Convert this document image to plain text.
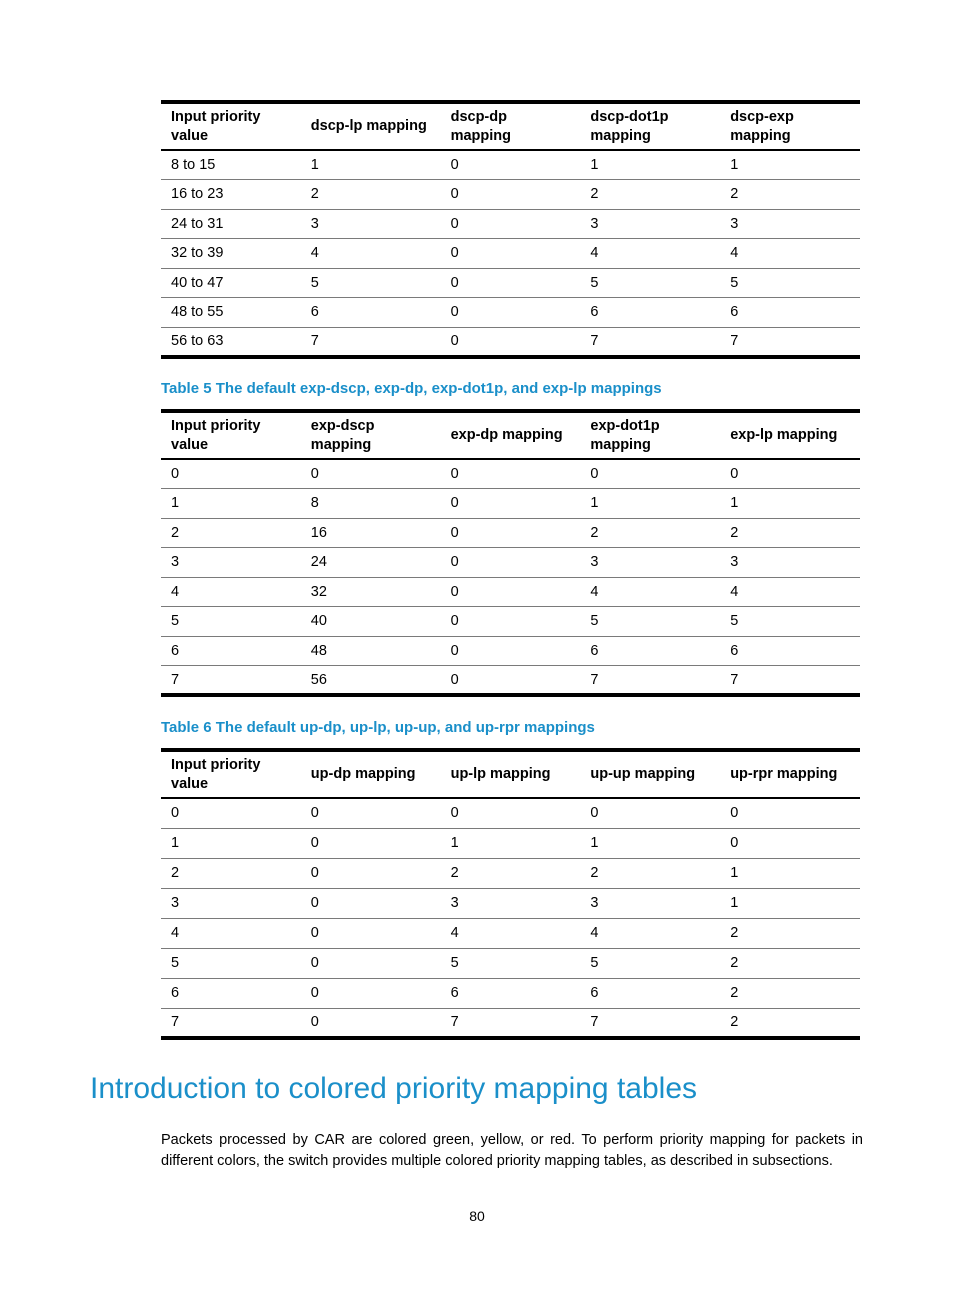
Input priority value	dscp-lp mapping	dscp-dp mapping	dscp-dot1p mapping	dscp-exp mapping
8 to 15	1	0	1	1
16 to 23	2	0	2	2
24 to 31	3	0	3	3
32 to 39	4	0	4	4
40 to 47	5	0	5	5
48 to 55	6	0	6	6
56 to 63	7	0	7	7
Table 5 The default exp-dscp, exp-dp, exp-dot1p, and exp-lp mappings
Input priority value	exp-dscp mapping	exp-dp mapping	exp-dot1p mapping	exp-lp mapping
0	0	0	0	0
1	8	0	1	1
2	16	0	2	2
3	24	0	3	3
4	32	0	4	4
5	40	0	5	5
6	48	0	6	6
7	56	0	7	7
Table 6 The default up-dp, up-lp, up-up, and up-rpr mappings
Input priority value	up-dp mapping	up-lp mapping	up-up mapping	up-rpr mapping
0	0	0	0	0
1	0	1	1	0
2	0	2	2	1
3	0	3	3	1
4	0	4	4	2
5	0	5	5	2
6	0	6	6	2
7	0	7	7	2
Introduction to colored priority mapping tables

Packets processed by CAR are colored green, yellow, or red. To perform priority mapping for packets in different colors, the switch provides multiple colored priority mapping tables, as described in subsections.

80
